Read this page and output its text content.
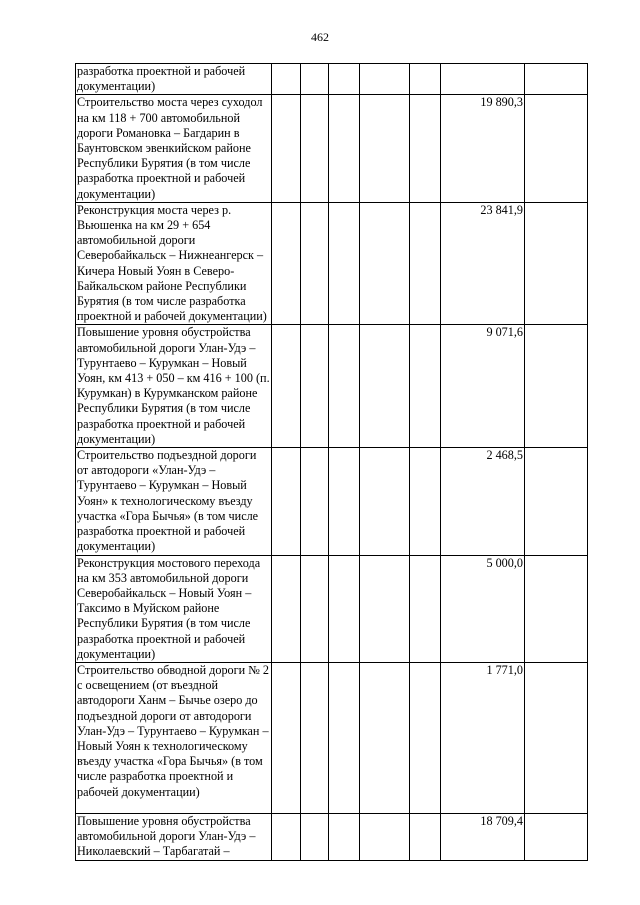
462
разработка проектной и рабочей документации)							
Строительство моста через суходол на км 118 + 700 автомобильной дороги Романовка – Багдарин в Баунтовском эвенкийском районе Республики Бурятия (в том числе разработка проектной и рабочей документации)						19 890,3	
Реконструкция моста через р. Вьюшенка на км 29 + 654 автомобильной дороги Северобайкальск – Нижнеангерск – Кичера Новый Уоян в Северо-Байкальском районе Республики Бурятия (в том числе разработка проектной и рабочей документации)						23 841,9	
Повышение уровня обустройства автомобильной дороги Улан-Удэ – Турунтаево – Курумкан – Новый Уоян, км 413 + 050 – км 416 + 100 (п. Курумкан) в Курумканском районе Республики Бурятия (в том числе разработка проектной и рабочей документации)						9 071,6	
Строительство подъездной дороги от автодороги «Улан-Удэ – Турунтаево – Курумкан – Новый Уоян» к технологическому въезду участка «Гора Бычья» (в том числе разработка проектной и рабочей документации)						2 468,5	
Реконструкция мостового перехода на км 353 автомобильной дороги Северобайкальск – Новый Уоян – Таксимо в Муйском районе Республики Бурятия (в том числе разработка проектной и рабочей документации)						5 000,0	
Строительство обводной дороги № 2 с освещением (от въездной автодороги Ханм – Бычье озеро до подъездной дороги от автодороги Улан-Удэ – Турунтаево – Курумкан – Новый Уоян к технологическому въезду участка «Гора Бычья» (в том числе разработка проектной и рабочей документации)						1 771,0	
Повышение уровня обустройства автомобильной дороги Улан-Удэ – Николаевский – Тарбагатай –						18 709,4	
